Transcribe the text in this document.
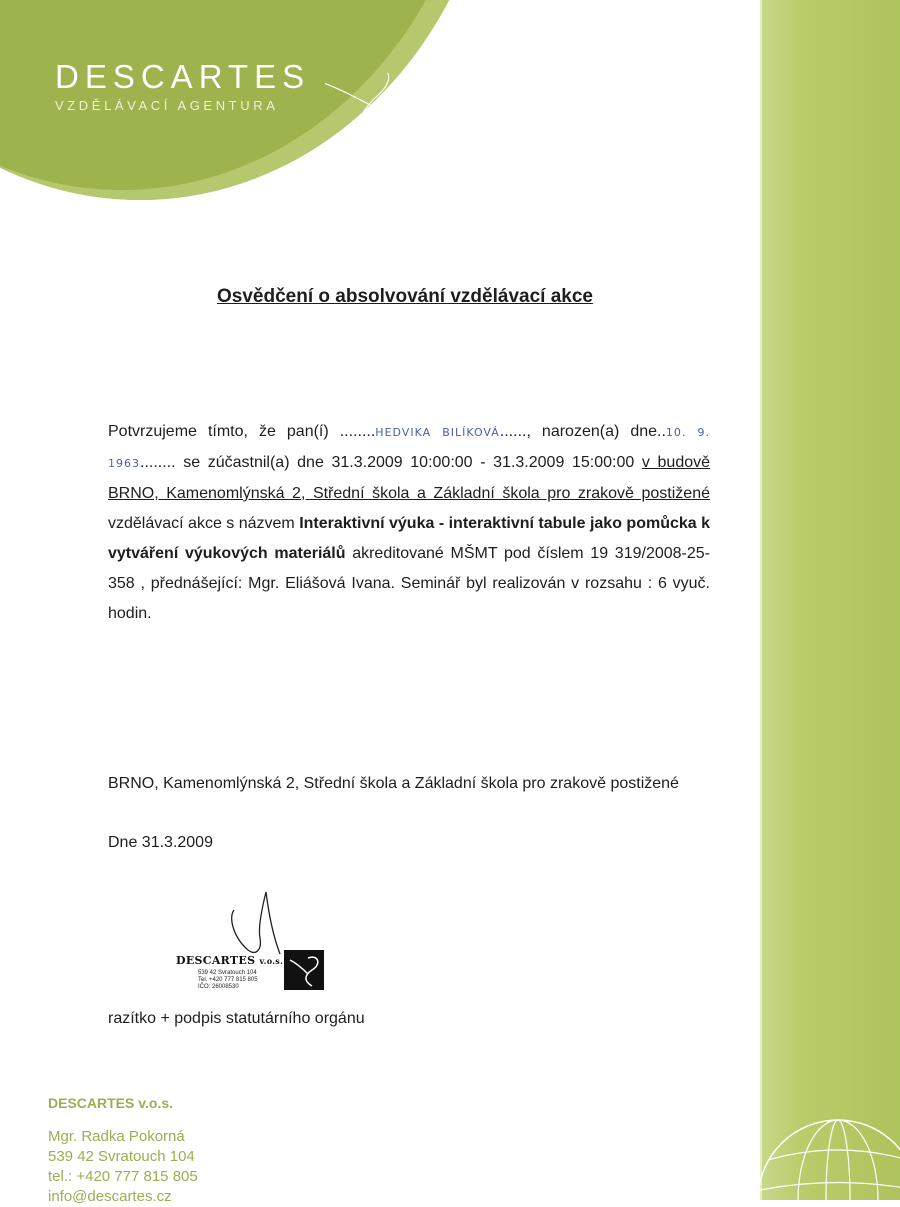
DESCARTES
VZDĚLÁVACÍ AGENTURA
Osvědčení o absolvování vzdělávací akce
Potvrzujeme tímto, že pan(í) ........HEDVIKA BILÍKOVÁ......, narozen(a) dne..10. 9. 1963........ se zúčastnil(a) dne 31.3.2009 10:00:00 - 31.3.2009 15:00:00 v budově BRNO, Kamenomlýnská 2, Střední škola a Základní škola pro zrakově postižené vzdělávací akce s názvem Interaktivní výuka - interaktivní tabule jako pomůcka k vytváření výukových materiálů akreditované MŠMT pod číslem 19 319/2008-25-358 , přednášející: Mgr. Eliášová Ivana. Seminář byl realizován v rozsahu : 6 vyuč. hodin.
BRNO, Kamenomlýnská 2, Střední škola a Základní škola pro zrakově postižené
Dne 31.3.2009
DESCARTES v.o.s.
539 42 Svratouch 104
Tel. +420 777 815 805
IČO: 26008530
razítko + podpis statutárního orgánu
DESCARTES v.o.s.
Mgr. Radka Pokorná
539 42 Svratouch 104
tel.: +420 777 815 805
info@descartes.cz
